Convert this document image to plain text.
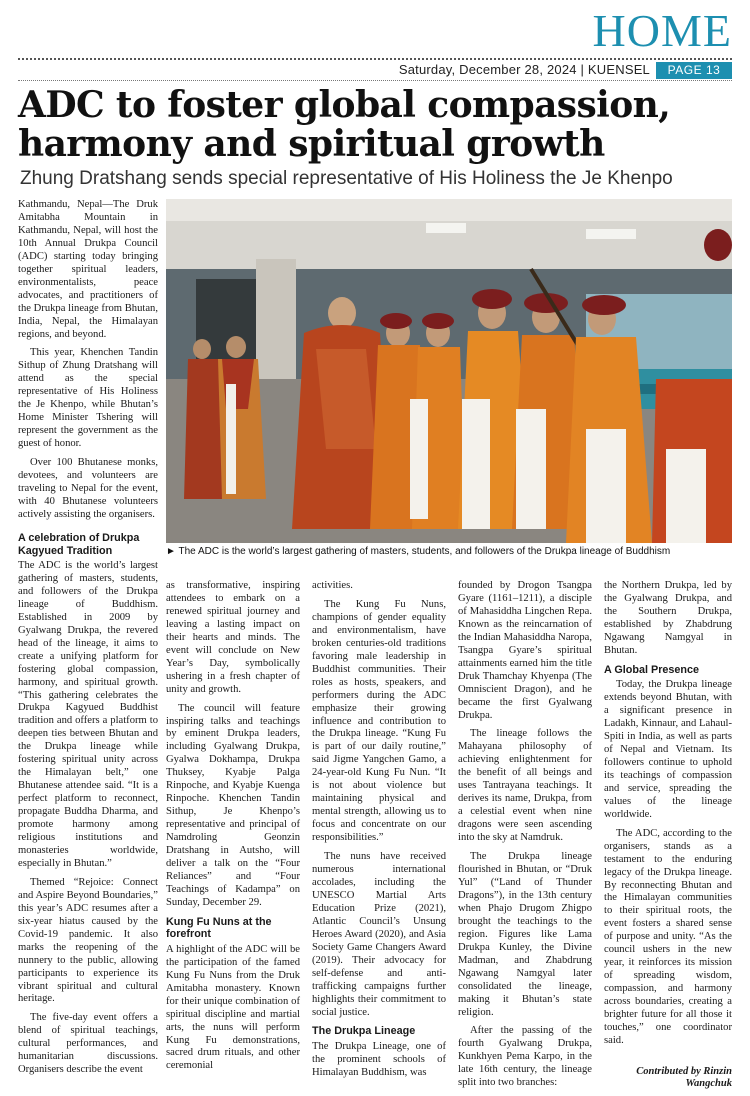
HOME
Saturday, December 28, 2024 | KUENSEL	PAGE 13
ADC to foster global compassion, harmony and spiritual growth
Zhung Dratshang sends special representative of His Holiness the Je Khenpo

Kathmandu, Nepal—The Druk Amitabha Mountain in Kathmandu, Nepal, will host the 10th Annual Drukpa Council (ADC) starting today bringing together spiritual leaders, environmentalists, peace advocates, and practitioners of the Drukpa lineage from Bhutan, India, Nepal, the Himalayan regions, and beyond.

This year, Khenchen Tandin Sithup of Zhung Dratshang will attend as the special representative of His Holiness the Je Khenpo, while Bhutan’s Home Minister Tshering will represent the government as the guest of honor.

Over 100 Bhutanese monks, devotees, and volunteers are traveling to Nepal for the event, with 40 Bhutanese volunteers actively assisting the organisers.

A celebration of Drukpa Kagyued Tradition

The ADC is the world’s largest gathering of masters, students, and followers of the Drukpa lineage of Buddhism. Established in 2009 by Gyalwang Drukpa, the revered head of the lineage, it aims to create a unifying platform for fostering global compassion, harmony, and spiritual growth. “This gathering celebrates the Drukpa Kagyued Buddhist tradition and offers a platform to deepen ties between Bhutan and the Drukpa lineage while fostering spiritual unity across the Himalayan belt,” one Bhutanese attendee said. “It is a perfect platform to reconnect, propagate Buddha Dharma, and promote harmony among religious institutions and monasteries worldwide, especially in Bhutan.”

Themed “Rejoice: Connect and Aspire Beyond Boundaries,” this year’s ADC resumes after a six-year hiatus caused by the Covid-19 pandemic. It also marks the reopening of the nunnery to the public, allowing participants to experience its vibrant spiritual and cultural heritage.

The five-day event offers a blend of spiritual teachings, cultural performances, and humanitarian discussions. Organisers describe the event

► The ADC is the world’s largest gathering of masters, students, and followers of the Drukpa lineage of Buddhism

as transformative, inspiring attendees to embark on a renewed spiritual journey and leaving a lasting impact on their hearts and minds. The event will conclude on New Year’s Day, symbolically ushering in a fresh chapter of unity and growth.

The council will feature inspiring talks and teachings by eminent Drukpa leaders, including Gyalwang Drukpa, Gyalwa Dokhampa, Drukpa Thuksey, Kyabje Palga Rinpoche, and Kyabje Kuenga Rinpoche. Khenchen Tandin Sithup, Je Khenpo’s representative and principal of Namdroling Geonzin Dratshang in Autsho, will deliver a talk on the “Four Reliances” and “Four Teachings of Kadampa” on Sunday, December 29.

Kung Fu Nuns at the forefront

A highlight of the ADC will be the participation of the famed Kung Fu Nuns from the Druk Amitabha monastery. Known for their unique combination of spiritual discipline and martial arts, the nuns will perform Kung Fu demonstrations, sacred drum rituals, and other ceremonial

activities.

The Kung Fu Nuns, champions of gender equality and environmentalism, have broken centuries-old traditions favoring male leadership in Buddhist communities. Their roles as hosts, speakers, and performers during the ADC emphasize their growing influence and contribution to the Drukpa lineage. “Kung Fu is part of our daily routine,” said Jigme Yangchen Gamo, a 24-year-old Kung Fu Nun. “It is not about violence but maintaining physical and mental strength, allowing us to focus and concentrate on our responsibilities.”

The nuns have received numerous international accolades, including the UNESCO Martial Arts Education Prize (2021), Atlantic Council’s Unsung Heroes Award (2020), and Asia Society Game Changers Award (2019). Their advocacy for self-defense and anti-trafficking campaigns further highlights their commitment to social justice.

The Drukpa Lineage

The Drukpa Lineage, one of the prominent schools of Himalayan Buddhism, was

founded by Drogon Tsangpa Gyare (1161–1211), a disciple of Mahasiddha Lingchen Repa. Known as the reincarnation of the Indian Mahasiddha Naropa, Tsangpa Gyare’s spiritual attainments earned him the title Druk Thamchay Khyenpa (The Omniscient Dragon), and he became the first Gyalwang Drukpa.

The lineage follows the Mahayana philosophy of achieving enlightenment for the benefit of all beings and uses Tantrayana teachings. It derives its name, Drukpa, from a celestial event when nine dragons were seen ascending into the sky at Namdruk.

The Drukpa lineage flourished in Bhutan, or “Druk Yul” (“Land of Thunder Dragons”), in the 13th century when Phajo Drugom Zhigpo brought the teachings to the region. Figures like Lama Drukpa Kunley, the Divine Madman, and Zhabdrung Ngawang Namgyal later consolidated the lineage, making it Bhutan’s state religion.

After the passing of the fourth Gyalwang Drukpa, Kunkhyen Pema Karpo, in the late 16th century, the lineage split into two branches:

the Northern Drukpa, led by the Gyalwang Drukpa, and the Southern Drukpa, established by Zhabdrung Ngawang Namgyal in Bhutan.

A Global Presence

Today, the Drukpa lineage extends beyond Bhutan, with a significant presence in Ladakh, Kinnaur, and Lahaul-Spiti in India, as well as parts of Nepal and Vietnam. Its followers continue to uphold its teachings of compassion and service, spreading the values of the lineage worldwide.

The ADC, according to the organisers, stands as a testament to the enduring legacy of the Drukpa lineage. By reconnecting Bhutan and the Himalayan communities to their spiritual roots, the event fosters a shared sense of purpose and unity. “As the council ushers in the new year, it reinforces its mission of spreading wisdom, compassion, and harmony across boundaries, creating a brighter future for all those it touches,” one coordinator said.

Contributed by Rinzin Wangchuk
